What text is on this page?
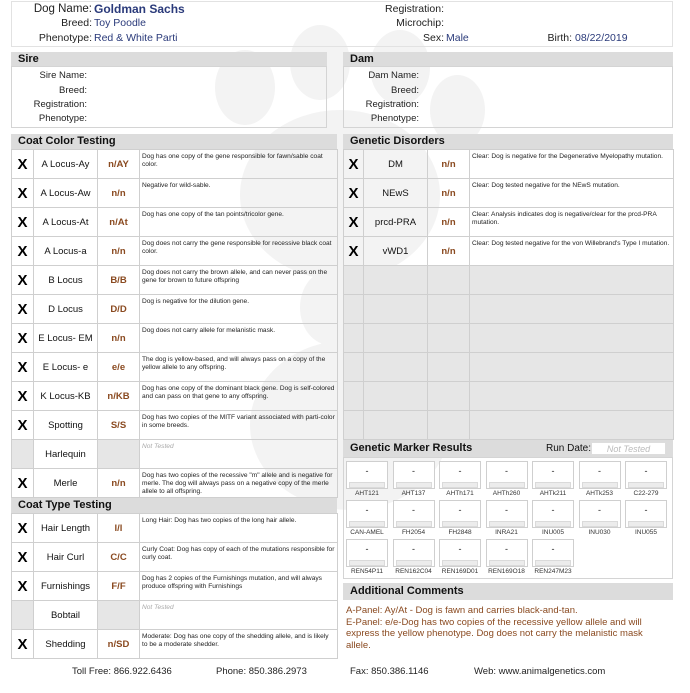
Dog Name: Goldman Sachs
Breed: Toy Poodle
Phenotype: Red & White Parti
Registration:
Microchip:
Sex: Male	Birth: 08/22/2019
Sire
Sire Name:
Breed:
Registration:
Phenotype:
Dam
Dam Name:
Breed:
Registration:
Phenotype:
Coat Color Testing
X	A Locus-Ay	n/AY	Dog has one copy of the gene responsible for fawn/sable coat color.
X	A Locus-Aw	n/n	Negative for wild-sable.
X	A Locus-At	n/At	Dog has one copy of the tan points/tricolor gene.
X	A Locus-a	n/n	Dog does not carry the gene responsible for recessive black coat color.
X	B Locus	B/B	Dog does not carry the brown allele, and can never pass on the gene for brown to future offspring
X	D Locus	D/D	Dog is negative for the dilution gene.
X	E Locus- EM	n/n	Dog does not carry allele for melanistic mask.
X	E Locus- e	e/e	The dog is yellow-based, and will always pass on a copy of the yellow allele to any offspring.
X	K Locus-KB	n/KB	Dog has one copy of the dominant black gene. Dog is self-colored and can pass on that gene to any offspring.
X	Spotting	S/S	Dog has two copies of the MITF variant associated with parti-color in some breeds.
	Harlequin		Not Tested
X	Merle	n/n	Dog has two copies of the recessive "m" allele and is negative for merle. The dog will always pass on a negative copy of the merle allele to all offspring.
Coat Type Testing
X	Hair Length	l/l	Long Hair: Dog has two copies of the long hair allele.
X	Hair Curl	C/C	Curly Coat: Dog has copy of each of the mutations responsible for curly coat.
X	Furnishings	F/F	Dog has 2 copies of the Furnishings mutation, and will always produce offspring with Furnishings
	Bobtail		Not Tested
X	Shedding	n/SD	Moderate: Dog has one copy of the shedding allele, and is likely to be a moderate shedder.
Genetic Disorders
X	DM	n/n	Clear: Dog is negative for the Degenerative Myelopathy mutation.
X	NEwS	n/n	Clear: Dog tested negative for the NEwS mutation.
X	prcd-PRA	n/n	Clear: Analysis indicates dog is negative/clear for the prcd-PRA mutation.
X	vWD1	n/n	Clear: Dog tested negative for the von Willebrand's Type I mutation.

Genetic Marker Results	Run Date:	Not Tested
-
AHT121
-
AHT137
-
AHTh171
-
AHTh260
-
AHTk211
-
AHTk253
-
C22-279
-
CAN-AMEL
-
FH2054
-
FH2848
-
INRA21
-
INU005
-
INU030
-
INU055
-
REN54P11
-
REN162C04
-
REN169D01
-
REN169O18
-
REN247M23
Additional Comments
A-Panel: Ay/At - Dog is fawn and carries black-and-tan.
E-Panel: e/e-Dog has two copies of the recessive yellow allele and will
express the yellow phenotype. Dog does not carry the melanistic mask
allele.
Toll Free: 866.922.6436	Phone: 850.386.2973	Fax: 850.386.1146	Web: www.animalgenetics.com
